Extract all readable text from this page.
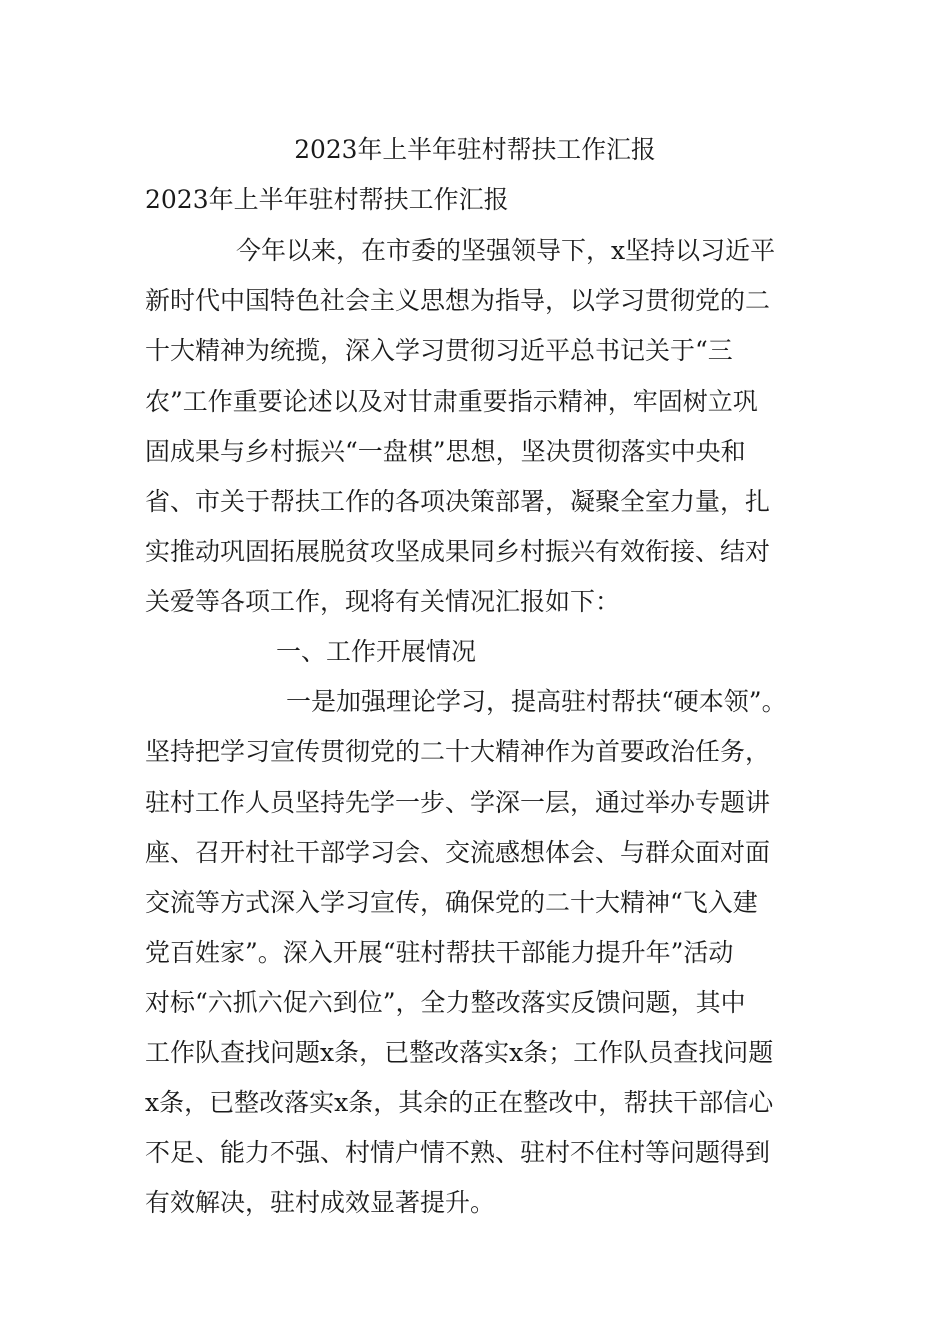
2023年上半年驻村帮扶工作汇报
2023年上半年驻村帮扶工作汇报
今年以来，在市委的坚强领导下，x坚持以习近平
新时代中国特色社会主义思想为指导，以学习贯彻党的二
十大精神为统揽，深入学习贯彻习近平总书记关于“三
农”工作重要论述以及对甘肃重要指示精神，牢固树立巩
固成果与乡村振兴“一盘棋”思想，坚决贯彻落实中央和
省、市关于帮扶工作的各项决策部署，凝聚全室力量，扎
实推动巩固拓展脱贫攻坚成果同乡村振兴有效衔接、结对
关爱等各项工作，现将有关情况汇报如下：
一、工作开展情况
一是加强理论学习，提高驻村帮扶“硬本领”。
坚持把学习宣传贯彻党的二十大精神作为首要政治任务，
驻村工作人员坚持先学一步、学深一层，通过举办专题讲
座、召开村社干部学习会、交流感想体会、与群众面对面
交流等方式深入学习宣传，确保党的二十大精神“飞入建
党百姓家”。深入开展“驻村帮扶干部能力提升年”活动
对标“六抓六促六到位”，全力整改落实反馈问题，其中
工作队查找问题x条，已整改落实x条；工作队员查找问题
x条，已整改落实x条，其余的正在整改中，帮扶干部信心
不足、能力不强、村情户情不熟、驻村不住村等问题得到
有效解决，驻村成效显著提升。
